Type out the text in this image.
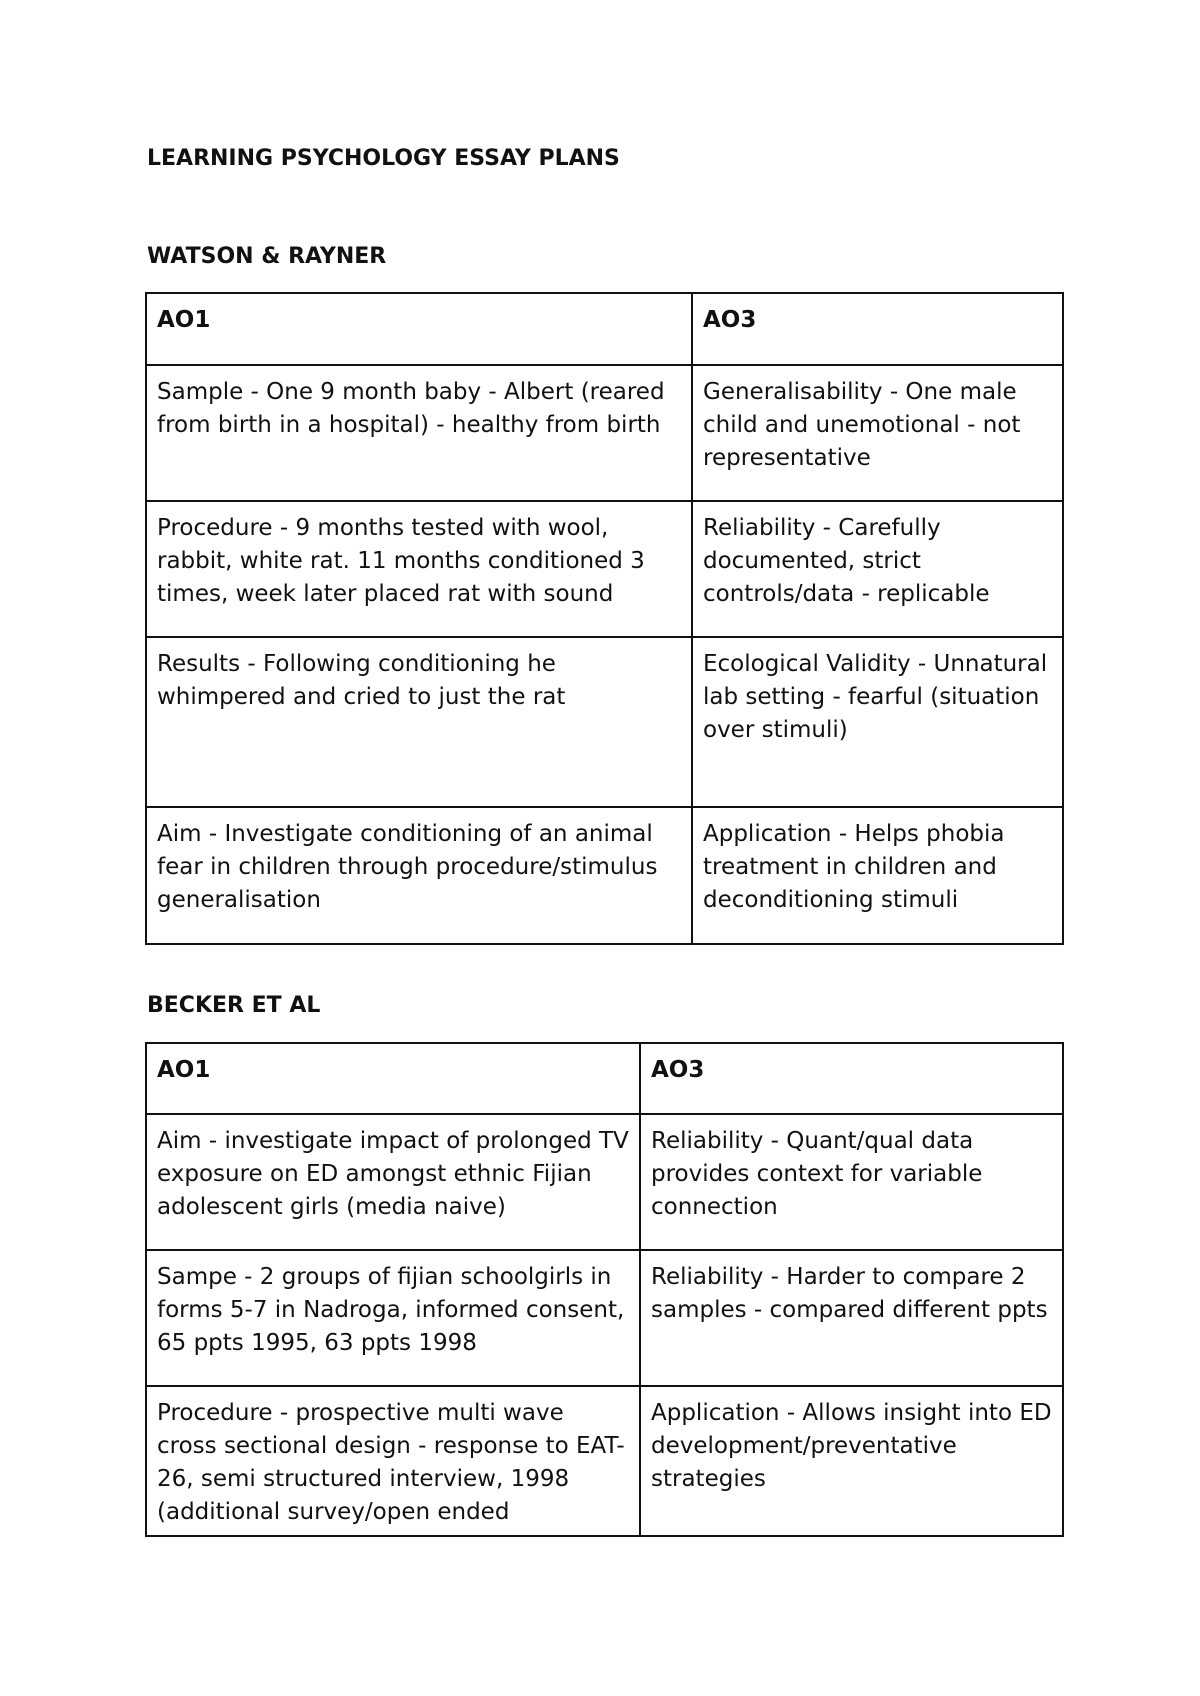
LEARNING PSYCHOLOGY ESSAY PLANS
WATSON & RAYNER
AO1	AO3
Sample - One 9 month baby - Albert (reared from birth in a hospital) - healthy from birth	Generalisability - One male child and unemotional - not representative
Procedure - 9 months tested with wool, rabbit, white rat. 11 months conditioned 3 times, week later placed rat with sound	Reliability - Carefully documented, strict controls/data - replicable
Results - Following conditioning he whimpered and cried to just the rat	Ecological Validity - Unnatural lab setting - fearful (situation over stimuli)
Aim - Investigate conditioning of an animal fear in children through procedure/stimulus generalisation	Application - Helps phobia treatment in children and deconditioning stimuli
BECKER ET AL
AO1	AO3
Aim - investigate impact of prolonged TV exposure on ED amongst ethnic Fijian adolescent girls (media naive)	Reliability - Quant/qual data provides context for variable connection
Sampe - 2 groups of fijian schoolgirls in forms 5-7 in Nadroga, informed consent, 65 ppts 1995, 63 ppts 1998	Reliability - Harder to compare 2 samples - compared different ppts
Procedure - prospective multi wave cross sectional design - response to EAT-26, semi structured interview, 1998 (additional survey/open ended	Application - Allows insight into ED development/preventative strategies
